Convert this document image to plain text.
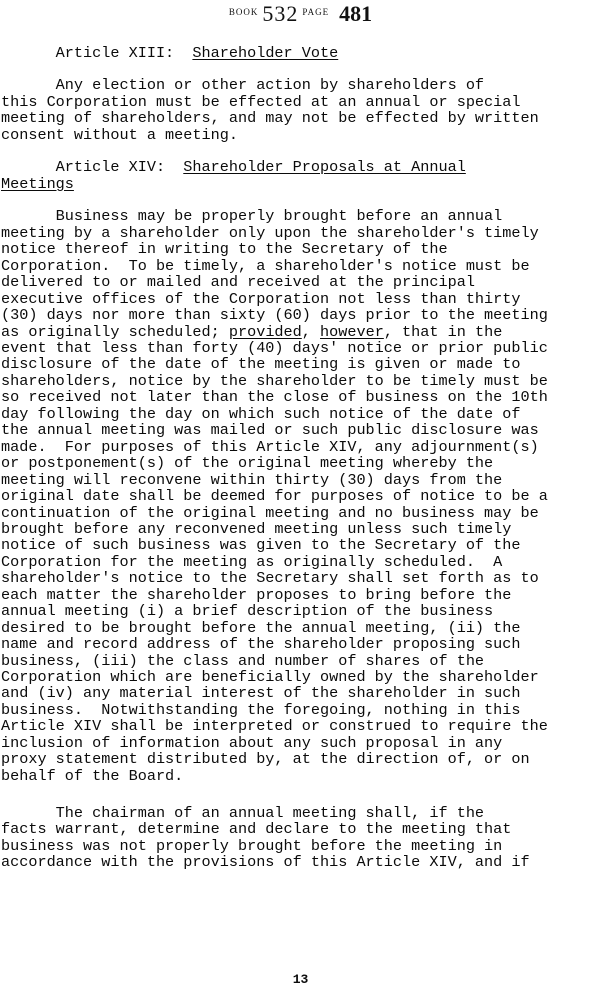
$^{BOOK}$ 532 $^{PAGE}$ 481
Article XIII:  Shareholder Vote
Any election or other action by shareholders of
this Corporation must be effected at an annual or special
meeting of shareholders, and may not be effected by written
consent without a meeting.
Article XIV:  Shareholder Proposals at Annual
Meetings
Business may be properly brought before an annual
meeting by a shareholder only upon the shareholder's timely
notice thereof in writing to the Secretary of the
Corporation.  To be timely, a shareholder's notice must be
delivered to or mailed and received at the principal
executive offices of the Corporation not less than thirty
(30) days nor more than sixty (60) days prior to the meeting
as originally scheduled; provided, however, that in the
event that less than forty (40) days' notice or prior public
disclosure of the date of the meeting is given or made to
shareholders, notice by the shareholder to be timely must be
so received not later than the close of business on the 10th
day following the day on which such notice of the date of
the annual meeting was mailed or such public disclosure was
made.  For purposes of this Article XIV, any adjournment(s)
or postponement(s) of the original meeting whereby the
meeting will reconvene within thirty (30) days from the
original date shall be deemed for purposes of notice to be a
continuation of the original meeting and no business may be
brought before any reconvened meeting unless such timely
notice of such business was given to the Secretary of the
Corporation for the meeting as originally scheduled.  A
shareholder's notice to the Secretary shall set forth as to
each matter the shareholder proposes to bring before the
annual meeting (i) a brief description of the business
desired to be brought before the annual meeting, (ii) the
name and record address of the shareholder proposing such
business, (iii) the class and number of shares of the
Corporation which are beneficially owned by the shareholder
and (iv) any material interest of the shareholder in such
business.  Notwithstanding the foregoing, nothing in this
Article XIV shall be interpreted or construed to require the
inclusion of information about any such proposal in any
proxy statement distributed by, at the direction of, or on
behalf of the Board.
The chairman of an annual meeting shall, if the
facts warrant, determine and declare to the meeting that
business was not properly brought before the meeting in
accordance with the provisions of this Article XIV, and if
13
